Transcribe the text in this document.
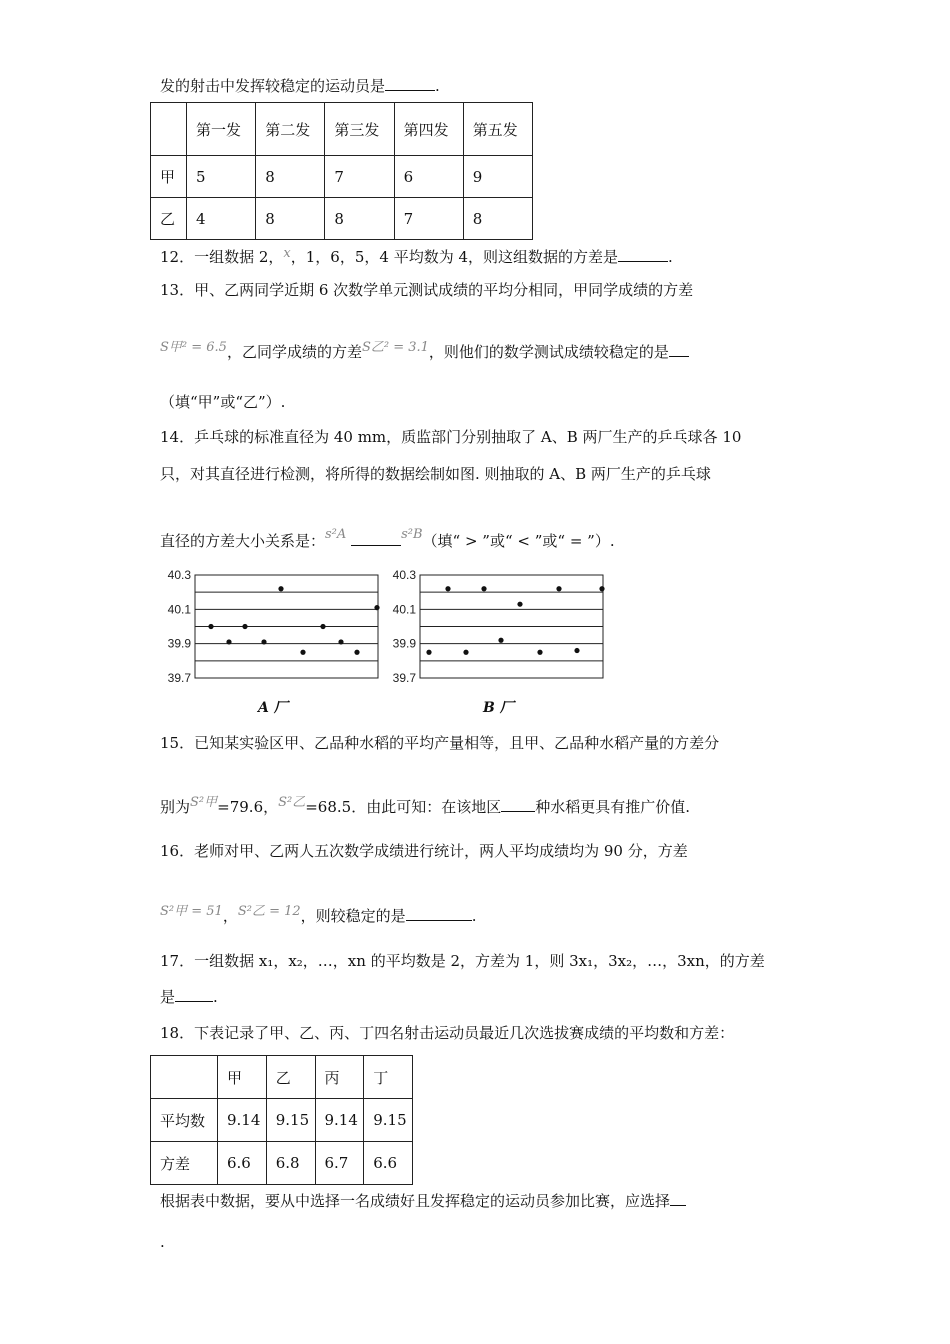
发的射击中发挥较稳定的运动员是	.
	第一发	第二发	第三发	第四发	第五发
甲	5	8	7	6	9
乙	4	8	8	7	8
12．一组数据 2，x，1，6，5，4 平均数为 4，则这组数据的方差是	.
13．甲、乙两同学近期 6 次数学单元测试成绩的平均分相同，甲同学成绩的方差
S甲² = 6.5，乙同学成绩的方差S乙² = 3.1，则他们的数学测试成绩较稳定的是
（填“甲”或“乙”）.
14．乒乓球的标准直径为 40 mm，质监部门分别抽取了 A、B 两厂生产的乒乓球各 10
只，对其直径进行检测，将所得的数据绘制如图. 则抽取的 A、B 两厂生产的乒乓球
直径的方差大小关系是：s²A	s²B（填“ > ”或“ < ”或“ = ”）.
40.3
40.1
39.9
39.7
40.3
40.1
39.9
39.7
A 厂	B 厂
15．已知某实验区甲、乙品种水稻的平均产量相等，且甲、乙品种水稻产量的方差分
别为S²甲=79.6，S²乙=68.5．由此可知：在该地区 种水稻更具有推广价值.
16．老师对甲、乙两人五次数学成绩进行统计，两人平均成绩均为 90 分，方差
S²甲 = 51，S²乙 = 12，则较稳定的是	.
17．一组数据 x₁，x₂，…，xn 的平均数是 2，方差为 1，则 3x₁，3x₂，…，3xn，的方差
是	.
18．下表记录了甲、乙、丙、丁四名射击运动员最近几次选拔赛成绩的平均数和方差：
	甲	乙	丙	丁
平均数	9.14	9.15	9.14	9.15
方差	6.6	6.8	6.7	6.6
根据表中数据，要从中选择一名成绩好且发挥稳定的运动员参加比赛，应选择
.
